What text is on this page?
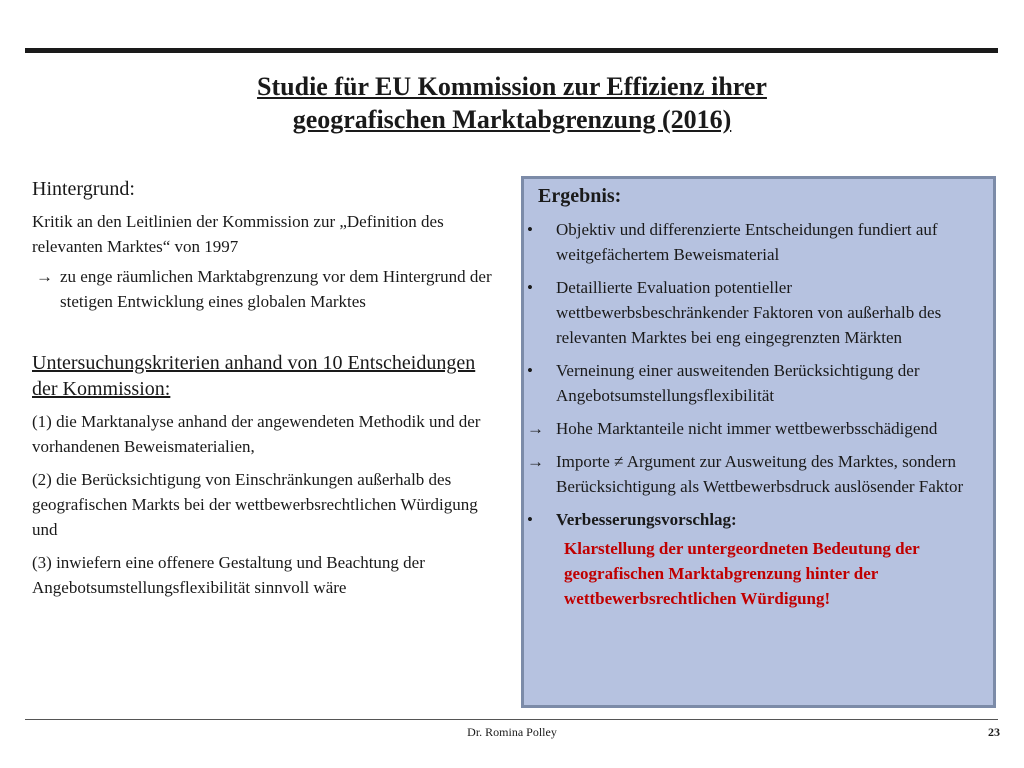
Studie für EU Kommission zur Effizienz ihrer
geografischen Marktabgrenzung (2016)
Hintergrund:

Kritik an den Leitlinien der Kommission zur „Definition des relevanten Marktes“ von 1997

→ zu enge räumlichen Marktabgrenzung vor dem Hintergrund der stetigen Entwicklung eines globalen Marktes
Untersuchungskriterien anhand von 10 Entscheidungen der Kommission:

(1) die Marktanalyse anhand der angewendeten Methodik und der vorhandenen Beweismaterialien,

(2) die Berücksichtigung von Einschränkungen außerhalb des geografischen Markts bei der wettbewerbsrechtlichen Würdigung und

(3) inwiefern eine offenere Gestaltung und Beachtung der Angebotsumstellungsflexibilität sinnvoll wäre

Ergebnis:
•	Objektiv und differenzierte Entscheidungen fundiert auf weitgefächertem Beweismaterial
•	Detaillierte Evaluation potentieller wettbewerbsbeschränkender Faktoren von außerhalb des relevanten Marktes bei eng eingegrenzten Märkten
•	Verneinung einer ausweitenden Berücksichtigung der Angebotsumstellungsflexibilität
→ Hohe Marktanteile nicht immer wettbewerbsschädigend
→ Importe ≠ Argument zur Ausweitung des Marktes, sondern Berücksichtigung als Wettbewerbsdruck auslösender Faktor
•	Verbesserungsvorschlag:
Klarstellung der untergeordneten Bedeutung der geografischen Marktabgrenzung hinter der wettbewerbsrechtlichen Würdigung!
Dr. Romina Polley	23
